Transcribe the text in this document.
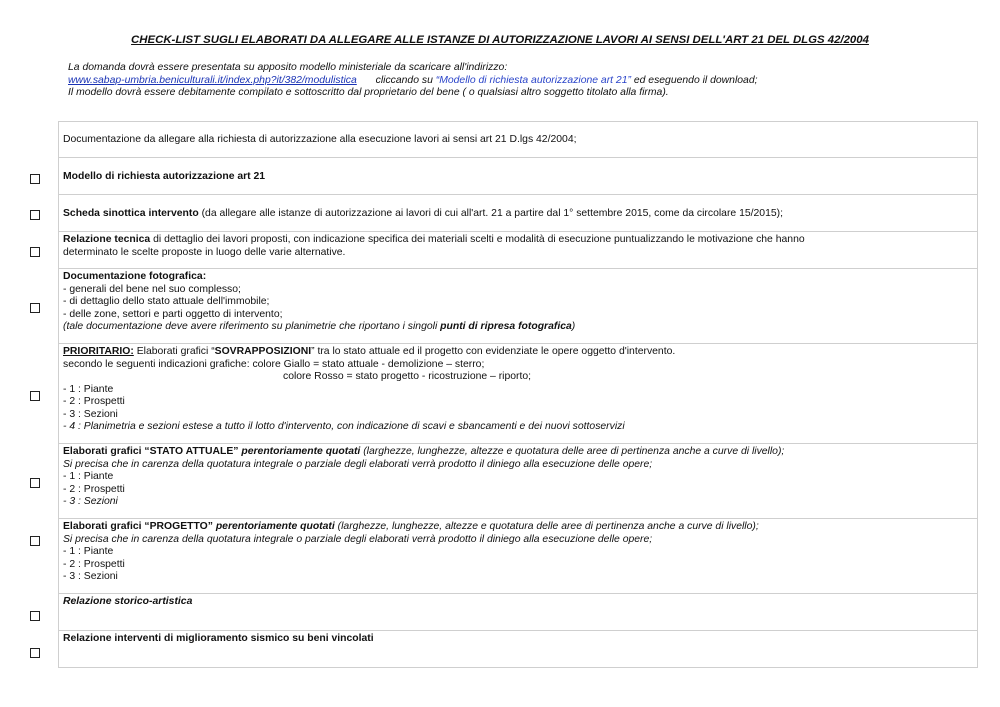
CHECK-LIST SUGLI ELABORATI DA ALLEGARE ALLE ISTANZE DI AUTORIZZAZIONE LAVORI AI SENSI DELL'ART 21 DEL DLGS 42/2004
La domanda dovrà essere presentata su apposito modello ministeriale da scaricare all'indirizzo:
www.sabap-umbria.beniculturali.it/index.php?it/382/modulistica cliccando su “Modello di richiesta autorizzazione art 21” ed eseguendo il download;
Il modello dovrà essere debitamente compilato e sottoscritto dal proprietario del bene ( o qualsiasi altro soggetto titolato alla firma).
Documentazione da allegare alla richiesta di autorizzazione alla esecuzione lavori ai sensi art 21 D.lgs 42/2004;
Modello di richiesta autorizzazione art 21
Scheda sinottica intervento (da allegare alle istanze di autorizzazione ai lavori di cui all'art. 21 a partire dal 1° settembre 2015, come da circolare 15/2015);
Relazione tecnica di dettaglio dei lavori proposti, con indicazione specifica dei materiali scelti e modalità di esecuzione puntualizzando le motivazione che hanno
determinato le scelte proposte in luogo delle varie alternative.
Documentazione fotografica:
- generali del bene nel suo complesso;
- di dettaglio dello stato attuale dell'immobile;
- delle zone, settori e parti oggetto di intervento;
(tale documentazione deve avere riferimento su planimetrie che riportano i singoli punti di ripresa fotografica)
PRIORITARIO: Elaborati grafici “SOVRAPPOSIZIONI” tra lo stato attuale ed il progetto con evidenziate le opere oggetto d'intervento.
secondo le seguenti indicazioni grafiche: colore Giallo = stato attuale - demolizione – sterro;
colore Rosso = stato progetto - ricostruzione – riporto;
- 1 : Piante
- 2 : Prospetti
- 3 : Sezioni
- 4 : Planimetria e sezioni estese a tutto il lotto d'intervento, con indicazione di scavi e sbancamenti e dei nuovi sottoservizi
Elaborati grafici “STATO ATTUALE” perentoriamente quotati (larghezze, lunghezze, altezze e quotatura delle aree di pertinenza anche a curve di livello);
Si precisa che in carenza della quotatura integrale o parziale degli elaborati verrà prodotto il diniego alla esecuzione delle opere;
- 1 : Piante
- 2 : Prospetti
- 3 : Sezioni
Elaborati grafici “PROGETTO” perentoriamente quotati (larghezze, lunghezze, altezze e quotatura delle aree di pertinenza anche a curve di livello);
Si precisa che in carenza della quotatura integrale o parziale degli elaborati verrà prodotto il diniego alla esecuzione delle opere;
- 1 : Piante
- 2 : Prospetti
- 3 : Sezioni
Relazione storico-artistica
Relazione interventi di miglioramento sismico su beni vincolati
